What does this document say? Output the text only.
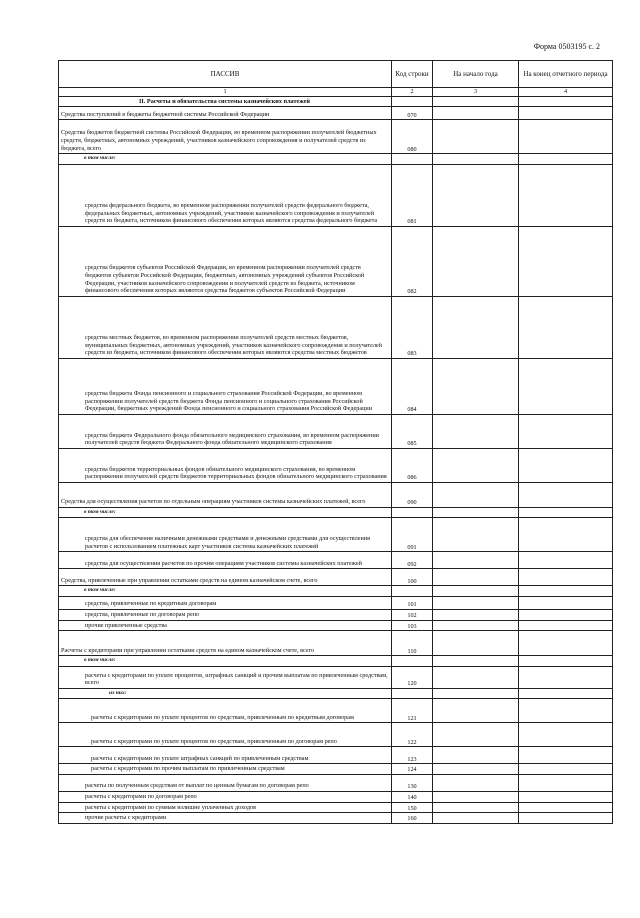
Форма 0503195 с. 2
ПАССИВ	Код строки	На начало года	На конец отчетного периода
1	2	3	4
II. Расчеты и обязательства системы казначейских платежей			
Средства поступлений в бюджеты бюджетной системы Российской Федерации	070		
Средства бюджетов бюджетной системы Российской Федерации, во временном распоряжении получателей бюджетных средств, бюджетных, автономных учреждений, участников казначейского сопровождения и получателей средств из бюджета, всего	080		
в том числе:			
средства федерального бюджета, во временном распоряжении получателей средств федерального бюджета, федеральных бюджетных, автономных учреждений, участников казначейского сопровождения и получателей средств из бюджета, источником финансового обеспечения которых являются средства федерального бюджета	081		
средства бюджетов субъектов Российской Федерации, во временном распоряжении получателей средств бюджетов субъектов Российской Федерации, бюджетных, автономных учреждений субъектов Российской Федерации, участников казначейского сопровождения и получателей средств из бюджета, источником финансового обеспечения которых являются средства бюджетов субъектов Российской Федерации	082		
средства местных бюджетов, во временном распоряжении получателей средств местных бюджетов, муниципальных бюджетных, автономных учреждений, участников казначейского сопровождения и получателей средств из бюджета, источником финансового обеспечения которых являются средства местных бюджетов	083		
средства бюджета Фонда пенсионного и социального страхования Российской Федерации, во временном распоряжении получателей средств бюджета Фонда пенсионного и социального страхования Российской Федерации, бюджетных учреждений Фонда пенсионного и социального страхования Российской Федерации	084		
средства бюджета Федерального фонда обязательного медицинского страхования, во временном распоряжении получателей средств бюджета Федерального фонда обязательного медицинского страхования	085		
средства бюджетов территориальных фондов обязательного медицинского страхования, во временном распоряжении получателей средств бюджетов территориальных фондов обязательного медицинского страхования	086		
Средства для осуществления расчетов по отдельным операциям участников системы казначейских платежей, всего	090		
в том числе:			
средства для обеспечения наличными денежными средствами и денежными средствами для осуществления расчетов с использованием платежных карт участников системы казначейских платежей	091		
средства для осуществления расчетов по прочим операциям участников системы казначейских платежей	092		
Средства, привлеченные при управлении остатками средств на едином казначейском счете, всего	100		
в том числе:			
средства, привлеченные по кредитным договорам	101		
средства, привлеченные по договорам репо	102		
прочие привлеченные средства	103		
Расчеты с кредиторами при управлении остатками средств на едином казначейском счете, всего	110		
в том числе:			
расчеты с кредиторами по уплате процентов, штрафных санкций и прочим выплатам по привлеченным средствам, всего	120		
из них:			
расчеты с кредиторами по уплате процентов по средствам, привлеченным по кредитным договорам	121		
расчеты с кредиторами по уплате процентов по средствам, привлеченным по договорам репо	122		
расчеты с кредиторами по уплате штрафных санкций по привлеченным средствам	123		
расчеты с кредиторами по прочим выплатам по привлеченным средствам	124		
расчеты по полученным средствам от выплат по ценным бумагам по договорам репо	130		
расчеты с кредиторами по договорам репо	140		
расчеты с кредиторами по суммам излишне уплаченных доходов	150		
прочие расчеты с кредиторами	160		
